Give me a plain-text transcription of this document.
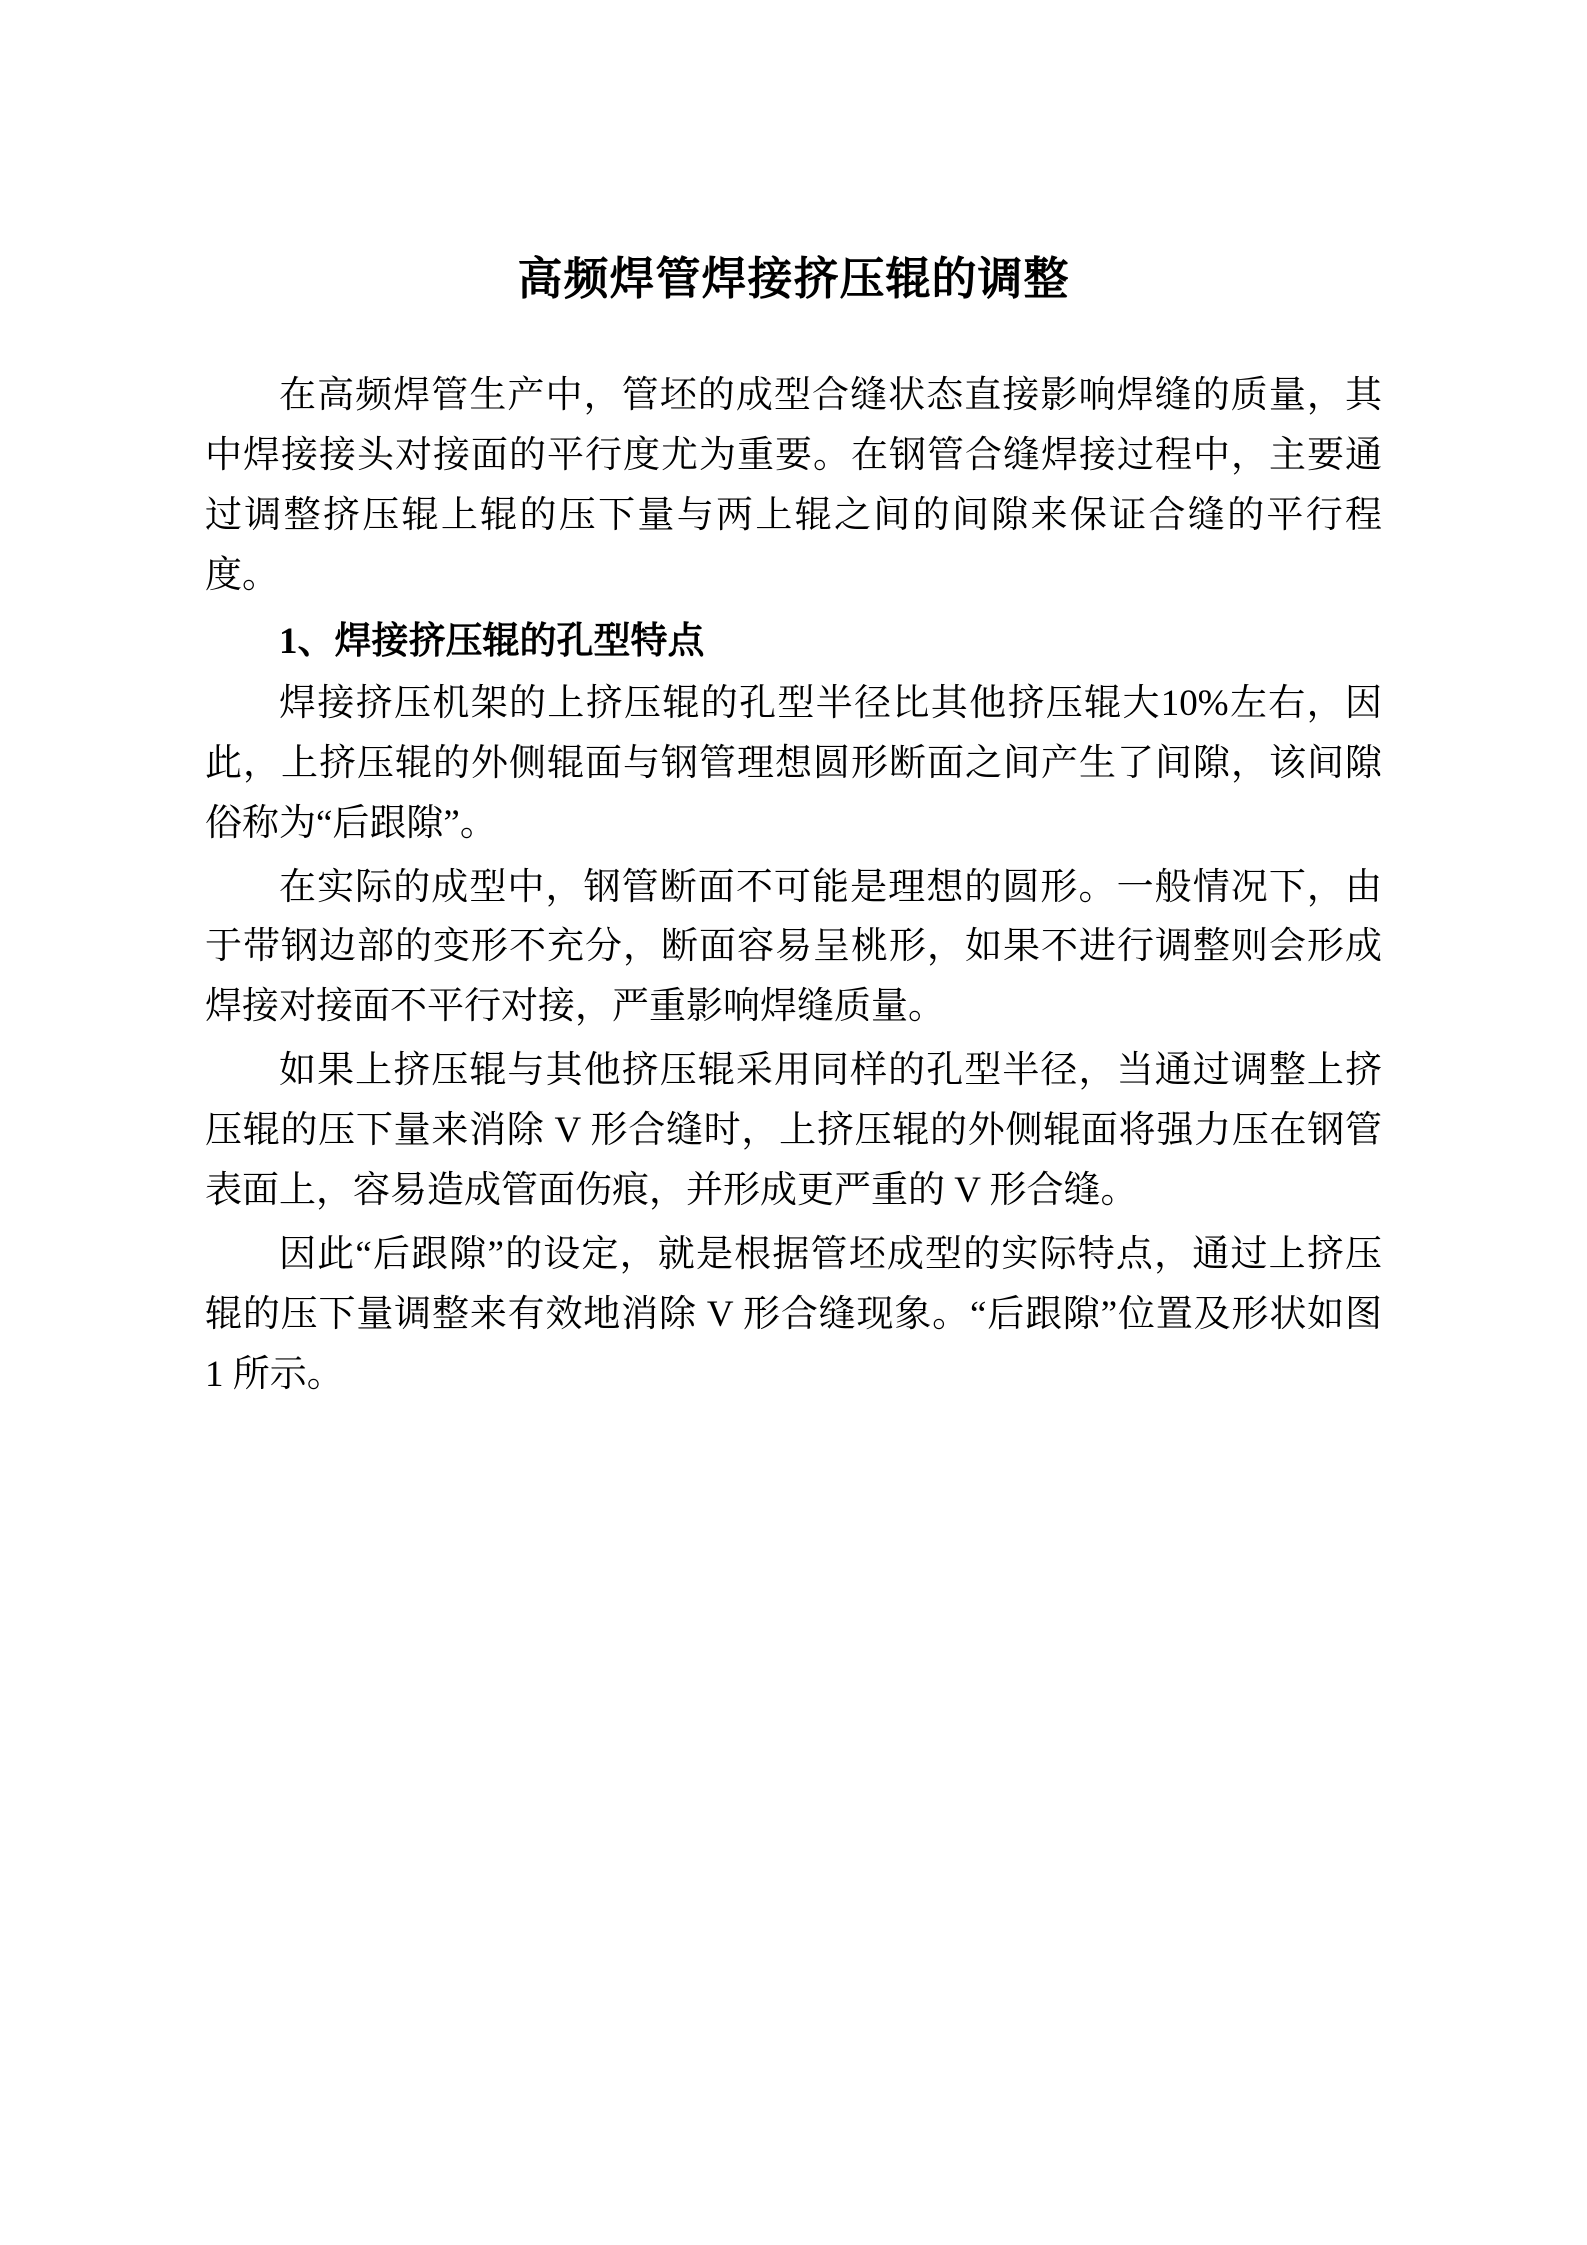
高频焊管焊接挤压辊的调整

在高频焊管生产中，管坯的成型合缝状态直接影响焊缝的质量，其中焊接接头对接面的平行度尤为重要。在钢管合缝焊接过程中，主要通过调整挤压辊上辊的压下量与两上辊之间的间隙来保证合缝的平行程度。

1、焊接挤压辊的孔型特点

焊接挤压机架的上挤压辊的孔型半径比其他挤压辊大10%左右，因此，上挤压辊的外侧辊面与钢管理想圆形断面之间产生了间隙，该间隙俗称为“后跟隙”。

在实际的成型中，钢管断面不可能是理想的圆形。一般情况下，由于带钢边部的变形不充分，断面容易呈桃形，如果不进行调整则会形成焊接对接面不平行对接，严重影响焊缝质量。

如果上挤压辊与其他挤压辊采用同样的孔型半径，当通过调整上挤压辊的压下量来消除 V 形合缝时，上挤压辊的外侧辊面将强力压在钢管表面上，容易造成管面伤痕，并形成更严重的 V 形合缝。

因此“后跟隙”的设定，就是根据管坯成型的实际特点，通过上挤压辊的压下量调整来有效地消除 V 形合缝现象。“后跟隙”位置及形状如图 1 所示。
